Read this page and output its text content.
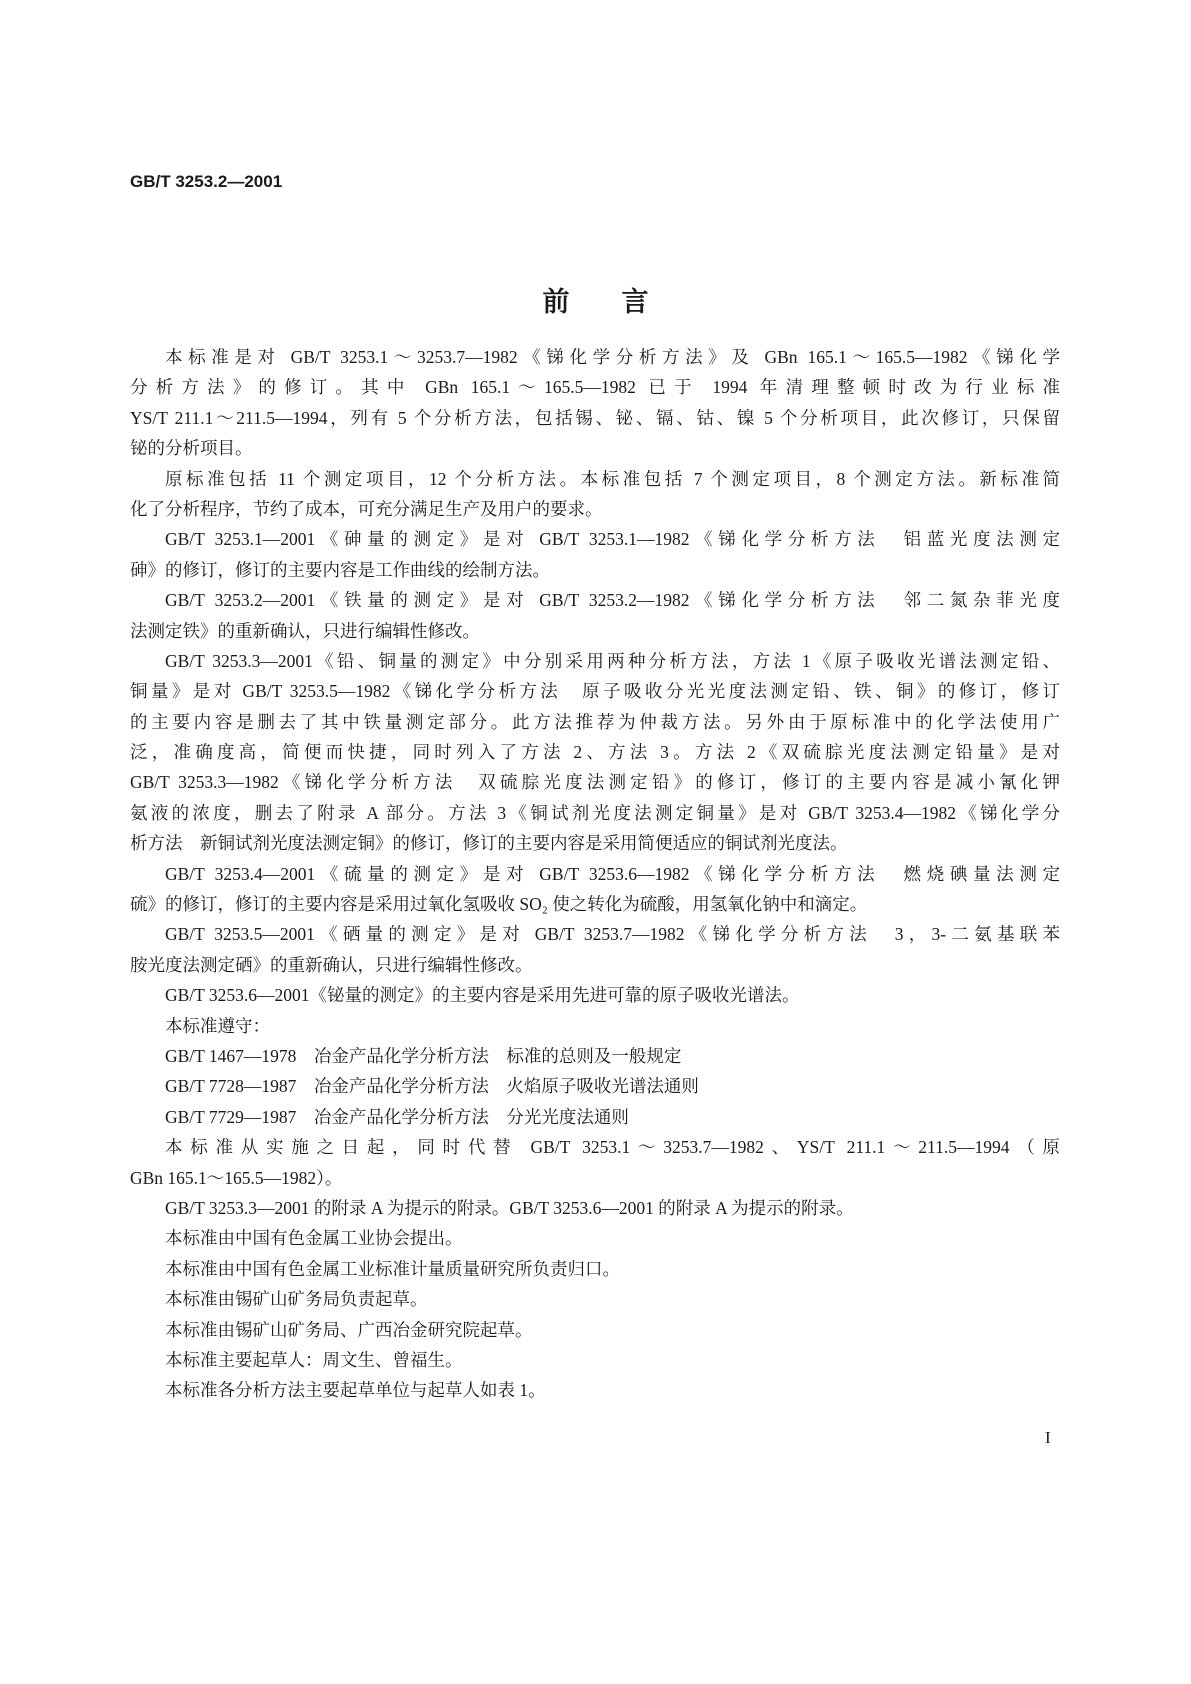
GB/T 3253.2—2001
前言
本标准是对 GB/T 3253.1～3253.7—1982《锑化学分析方法》及 GBn 165.1～165.5—1982《锑化学
分析方法》的修订。其中 GBn 165.1～165.5—1982 已于 1994 年清理整顿时改为行业标准
YS/T 211.1～211.5—1994，列有 5 个分析方法，包括锡、铋、镉、钴、镍 5 个分析项目，此次修订，只保留
铋的分析项目。
原标准包括 11 个测定项目，12 个分析方法。本标准包括 7 个测定项目，8 个测定方法。新标准简
化了分析程序，节约了成本，可充分满足生产及用户的要求。
GB/T 3253.1—2001《砷量的测定》是对 GB/T 3253.1—1982《锑化学分析方法　铝蓝光度法测定
砷》的修订，修订的主要内容是工作曲线的绘制方法。
GB/T 3253.2—2001《铁量的测定》是对 GB/T 3253.2—1982《锑化学分析方法　邻二氮杂菲光度
法测定铁》的重新确认，只进行编辑性修改。
GB/T 3253.3—2001《铅、铜量的测定》中分别采用两种分析方法，方法 1《原子吸收光谱法测定铅、
铜量》是对 GB/T 3253.5—1982《锑化学分析方法　原子吸收分光光度法测定铅、铁、铜》的修订，修订
的主要内容是删去了其中铁量测定部分。此方法推荐为仲裁方法。另外由于原标准中的化学法使用广
泛，准确度高，简便而快捷，同时列入了方法 2、方法 3。方法 2《双硫腙光度法测定铅量》是对
GB/T 3253.3—1982《锑化学分析方法　双硫腙光度法测定铅》的修订，修订的主要内容是减小氰化钾
氨液的浓度，删去了附录 A 部分。方法 3《铜试剂光度法测定铜量》是对 GB/T 3253.4—1982《锑化学分
析方法　新铜试剂光度法测定铜》的修订，修订的主要内容是采用简便适应的铜试剂光度法。
GB/T 3253.4—2001《硫量的测定》是对 GB/T 3253.6—1982《锑化学分析方法　燃烧碘量法测定
硫》的修订，修订的主要内容是采用过氧化氢吸收 SO₂ 使之转化为硫酸，用氢氧化钠中和滴定。
GB/T 3253.5—2001《硒量的测定》是对 GB/T 3253.7—1982《锑化学分析方法　3，3-二氨基联苯
胺光度法测定硒》的重新确认，只进行编辑性修改。
GB/T 3253.6—2001《铋量的测定》的主要内容是采用先进可靠的原子吸收光谱法。
本标准遵守：
GB/T 1467—1978　冶金产品化学分析方法　标准的总则及一般规定
GB/T 7728—1987　冶金产品化学分析方法　火焰原子吸收光谱法通则
GB/T 7729—1987　冶金产品化学分析方法　分光光度法通则
本标准从实施之日起，同时代替 GB/T 3253.1～3253.7—1982、YS/T 211.1～211.5—1994（原
GBn 165.1～165.5—1982）。
GB/T 3253.3—2001 的附录 A 为提示的附录。GB/T 3253.6—2001 的附录 A 为提示的附录。
本标准由中国有色金属工业协会提出。
本标准由中国有色金属工业标准计量质量研究所负责归口。
本标准由锡矿山矿务局负责起草。
本标准由锡矿山矿务局、广西冶金研究院起草。
本标准主要起草人：周文生、曾福生。
本标准各分析方法主要起草单位与起草人如表 1。
I
